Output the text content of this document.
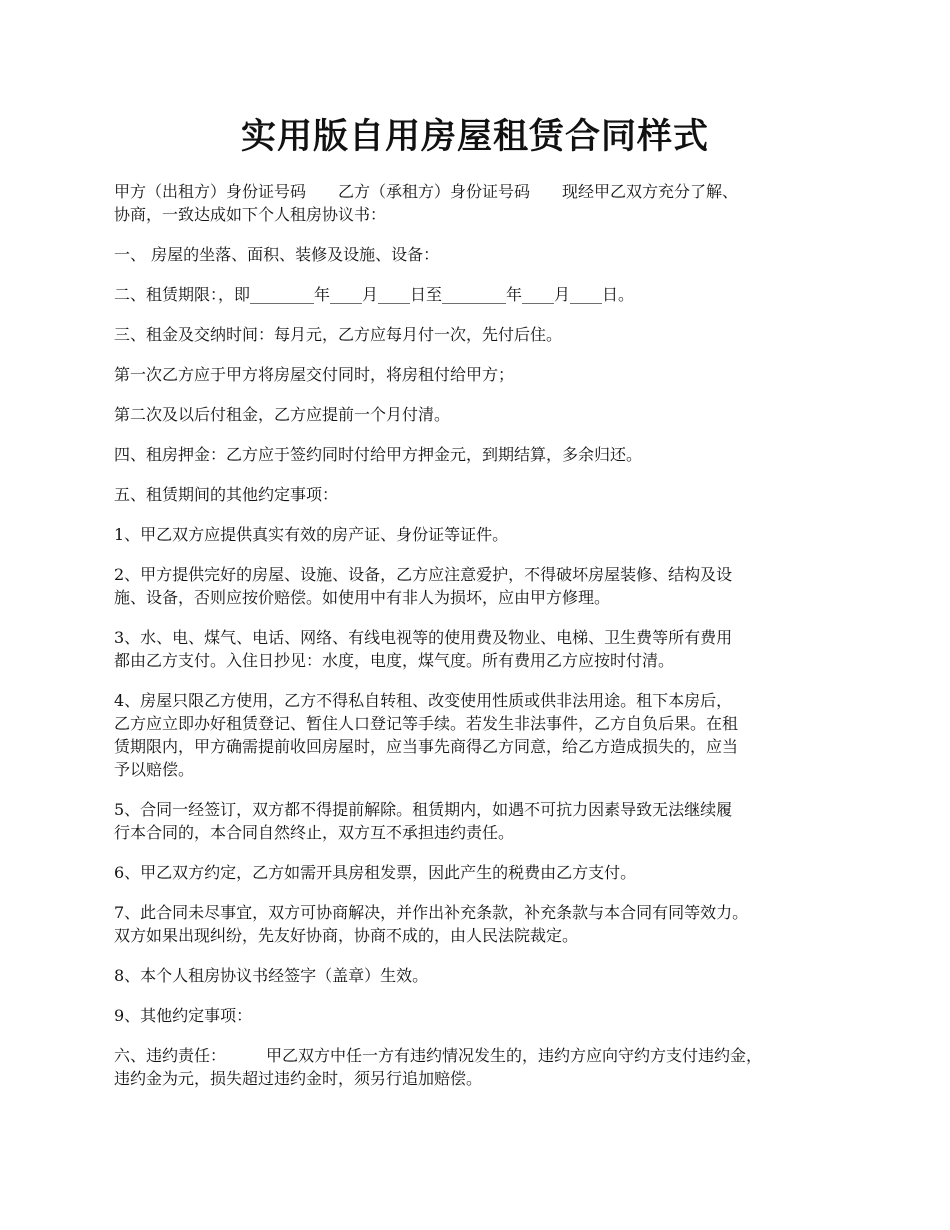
实用版自用房屋租赁合同样式
甲方（出租方）身份证号码　　乙方（承租方）身份证号码　　现经甲乙双方充分了解、
协商，一致达成如下个人租房协议书：
一、 房屋的坐落、面积、装修及设施、设备：
二、租赁期限：，即________年____月____日至________年____月____日。
三、租金及交纳时间：每月元，乙方应每月付一次，先付后住。
第一次乙方应于甲方将房屋交付同时，将房租付给甲方；
第二次及以后付租金，乙方应提前一个月付清。
四、租房押金：乙方应于签约同时付给甲方押金元，到期结算，多余归还。
五、租赁期间的其他约定事项：
1、甲乙双方应提供真实有效的房产证、身份证等证件。
2、甲方提供完好的房屋、设施、设备，乙方应注意爱护，不得破坏房屋装修、结构及设
施、设备，否则应按价赔偿。如使用中有非人为损坏，应由甲方修理。
3、水、电、煤气、电话、网络、有线电视等的使用费及物业、电梯、卫生费等所有费用
都由乙方支付。入住日抄见：水度，电度，煤气度。所有费用乙方应按时付清。
4、房屋只限乙方使用，乙方不得私自转租、改变使用性质或供非法用途。租下本房后，
乙方应立即办好租赁登记、暂住人口登记等手续。若发生非法事件，乙方自负后果。在租
赁期限内，甲方确需提前收回房屋时，应当事先商得乙方同意，给乙方造成损失的，应当
予以赔偿。
5、合同一经签订，双方都不得提前解除。租赁期内，如遇不可抗力因素导致无法继续履
行本合同的，本合同自然终止，双方互不承担违约责任。
6、甲乙双方约定，乙方如需开具房租发票，因此产生的税费由乙方支付。
7、此合同未尽事宜，双方可协商解决，并作出补充条款，补充条款与本合同有同等效力。
双方如果出现纠纷，先友好协商，协商不成的，由人民法院裁定。
8、本个人租房协议书经签字（盖章）生效。
9、其他约定事项：
六、违约责任：　　　甲乙双方中任一方有违约情况发生的，违约方应向守约方支付违约金，
违约金为元，损失超过违约金时，须另行追加赔偿。
